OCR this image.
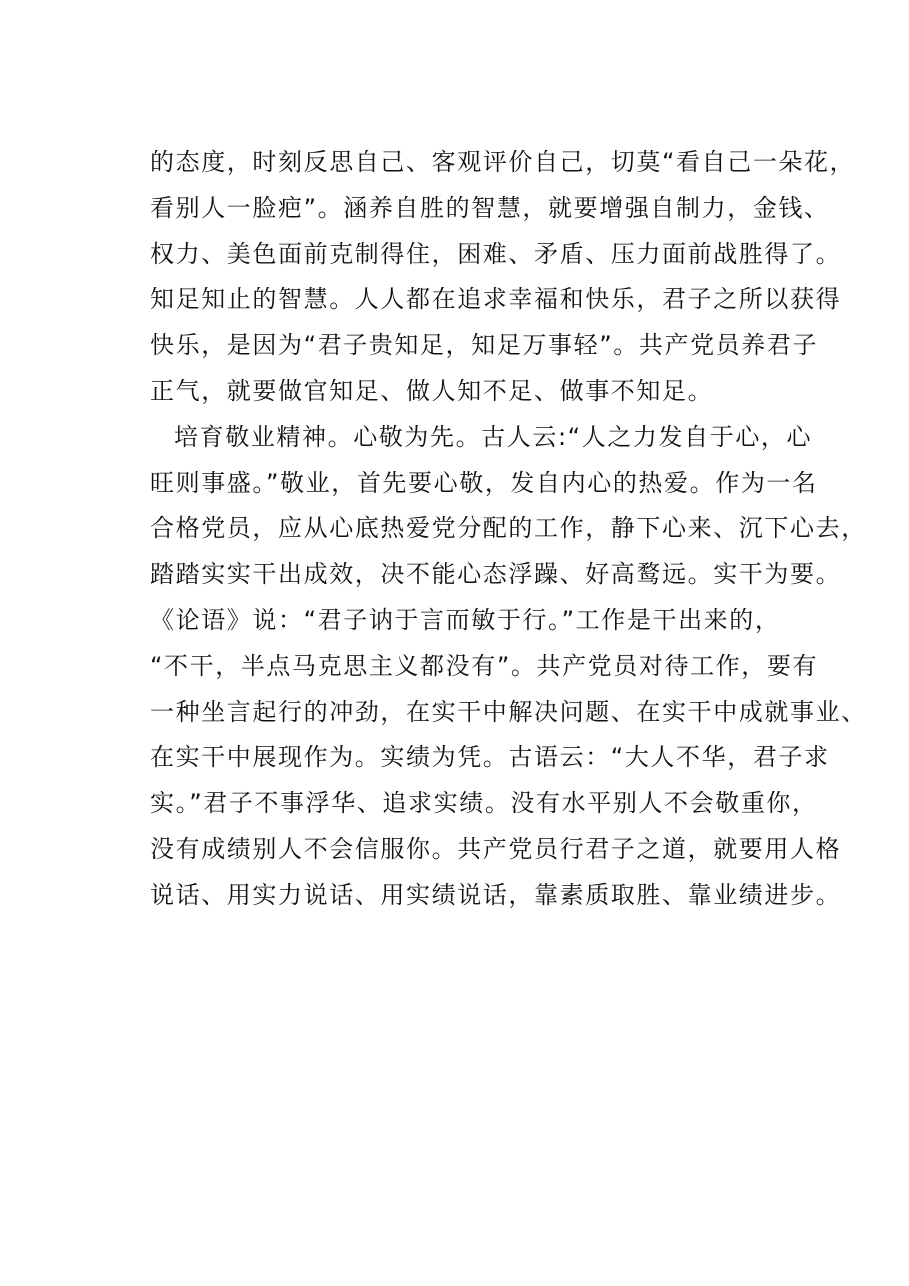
的态度，时刻反思自己、客观评价自己，切莫“看自己一朵花，
看别人一脸疤”。涵养自胜的智慧，就要增强自制力，金钱、
权力、美色面前克制得住，困难、矛盾、压力面前战胜得了。
知足知止的智慧。人人都在追求幸福和快乐，君子之所以获得
快乐，是因为“君子贵知足，知足万事轻”。共产党员养君子
正气，就要做官知足、做人知不足、做事不知足。
培育敬业精神。心敬为先。古人云:“人之力发自于心，心
旺则事盛。”敬业，首先要心敬，发自内心的热爱。作为一名
合格党员，应从心底热爱党分配的工作，静下心来、沉下心去，
踏踏实实干出成效，决不能心态浮躁、好高鹜远。实干为要。
《论语》说：“君子讷于言而敏于行。”工作是干出来的，
“不干，半点马克思主义都没有”。共产党员对待工作，要有
一种坐言起行的冲劲，在实干中解决问题、在实干中成就事业、
在实干中展现作为。实绩为凭。古语云：“大人不华，君子求
实。”君子不事浮华、追求实绩。没有水平别人不会敬重你，
没有成绩别人不会信服你。共产党员行君子之道，就要用人格
说话、用实力说话、用实绩说话，靠素质取胜、靠业绩进步。
